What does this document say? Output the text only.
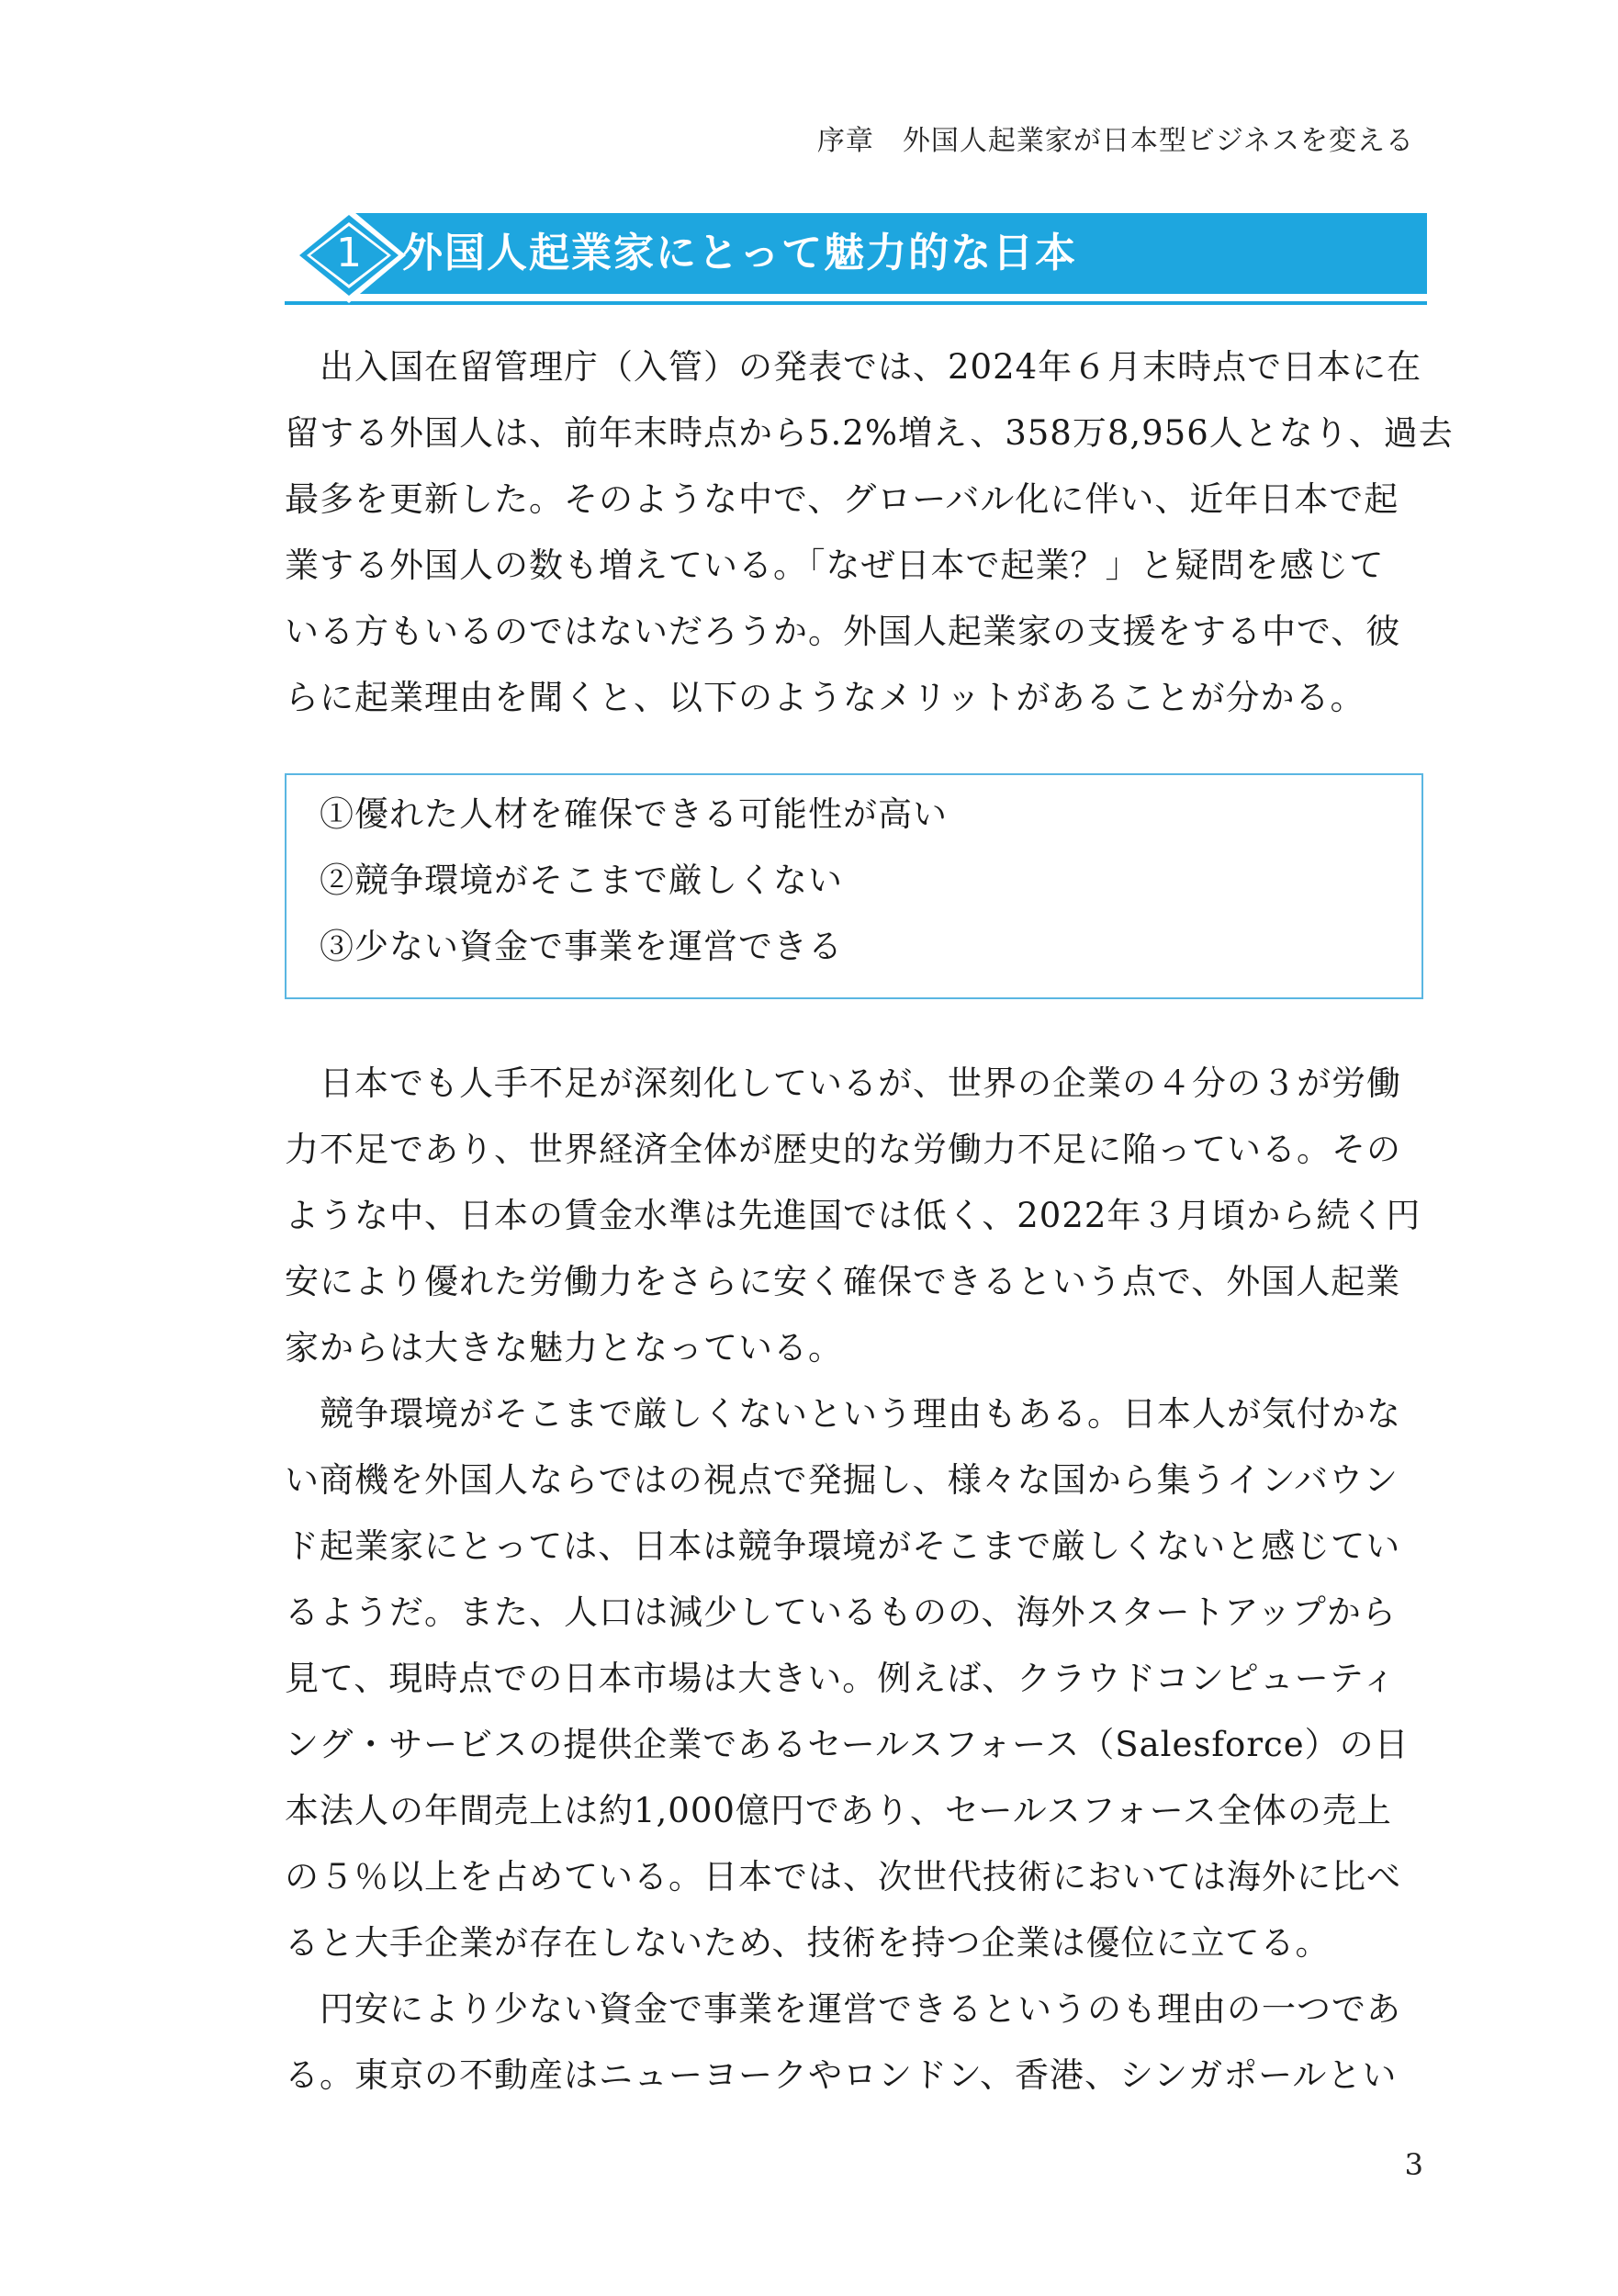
序章　外国人起業家が日本型ビジネスを変える
1	外国人起業家にとって魅力的な日本
　出入国在留管理庁（入管）の発表では、2024年６月末時点で日本に在
留する外国人は、前年末時点から5.2%増え、358万8,956人となり、過去
最多を更新した。そのような中で、グローバル化に伴い、近年日本で起
業する外国人の数も増えている。「なぜ日本で起業？」と疑問を感じて
いる方もいるのではないだろうか。外国人起業家の支援をする中で、彼
らに起業理由を聞くと、以下のようなメリットがあることが分かる。
①優れた人材を確保できる可能性が高い
②競争環境がそこまで厳しくない
③少ない資金で事業を運営できる
　日本でも人手不足が深刻化しているが、世界の企業の４分の３が労働
力不足であり、世界経済全体が歴史的な労働力不足に陥っている。その
ような中、日本の賃金水準は先進国では低く、2022年３月頃から続く円
安により優れた労働力をさらに安く確保できるという点で、外国人起業
家からは大きな魅力となっている。
　競争環境がそこまで厳しくないという理由もある。日本人が気付かな
い商機を外国人ならではの視点で発掘し、様々な国から集うインバウン
ド起業家にとっては、日本は競争環境がそこまで厳しくないと感じてい
るようだ。また、人口は減少しているものの、海外スタートアップから
見て、現時点での日本市場は大きい。例えば、クラウドコンピューティ
ング・サービスの提供企業であるセールスフォース（Salesforce）の日
本法人の年間売上は約1,000億円であり、セールスフォース全体の売上
の５％以上を占めている。日本では、次世代技術においては海外に比べ
ると大手企業が存在しないため、技術を持つ企業は優位に立てる。
　円安により少ない資金で事業を運営できるというのも理由の一つであ
る。東京の不動産はニューヨークやロンドン、香港、シンガポールとい
3
